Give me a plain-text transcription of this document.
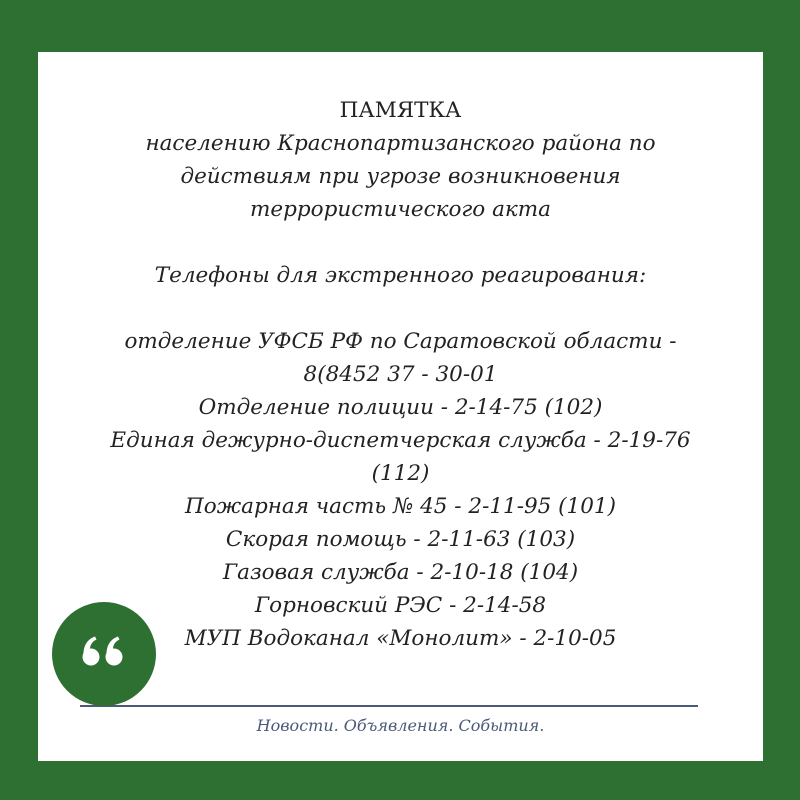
ПАМЯТКА
населению Краснопартизанского района по
действиям при угрозе возникновения
террористического акта
Телефоны для экстренного реагирования:
отделение УФСБ РФ по Саратовской области -
8(8452 37 - 30-01
Отделение полиции - 2-14-75 (102)
Единая дежурно-диспетчерская служба - 2-19-76
(112)
Пожарная часть № 45 - 2-11-95 (101)
Скорая помощь - 2-11-63 (103)
Газовая служба - 2-10-18 (104)
Горновский РЭС - 2-14-58
МУП Водоканал «Монолит» - 2-10-05
Новости. Объявления. События.
